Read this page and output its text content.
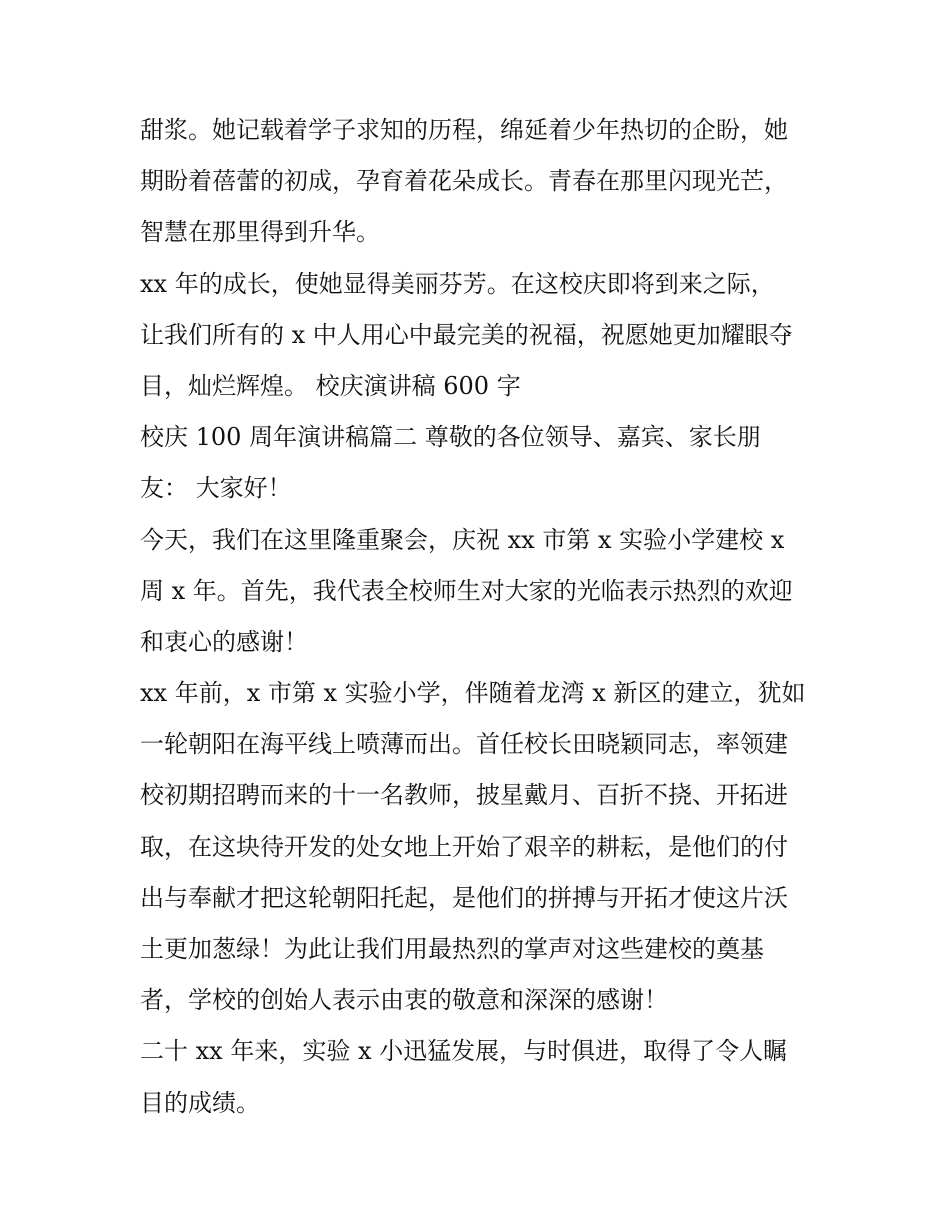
甜浆。她记载着学子求知的历程，绵延着少年热切的企盼，她
期盼着蓓蕾的初成，孕育着花朵成长。青春在那里闪现光芒，
智慧在那里得到升华。
xx 年的成长，使她显得美丽芬芳。在这校庆即将到来之际，
让我们所有的 x 中人用心中最完美的祝福，祝愿她更加耀眼夺
目，灿烂辉煌。 校庆演讲稿 600 字
校庆 100 周年演讲稿篇二 尊敬的各位领导、嘉宾、家长朋
友： 大家好！
今天，我们在这里隆重聚会，庆祝 xx 市第 x 实验小学建校 x
周 x 年。首先，我代表全校师生对大家的光临表示热烈的欢迎
和衷心的感谢！
xx 年前，x 市第 x 实验小学，伴随着龙湾 x 新区的建立，犹如
一轮朝阳在海平线上喷薄而出。首任校长田晓颖同志，率领建
校初期招聘而来的十一名教师，披星戴月、百折不挠、开拓进
取，在这块待开发的处女地上开始了艰辛的耕耘，是他们的付
出与奉献才把这轮朝阳托起，是他们的拼搏与开拓才使这片沃
土更加葱绿！为此让我们用最热烈的掌声对这些建校的奠基
者，学校的创始人表示由衷的敬意和深深的感谢！
二十 xx 年来，实验 x 小迅猛发展，与时俱进，取得了令人瞩
目的成绩。
